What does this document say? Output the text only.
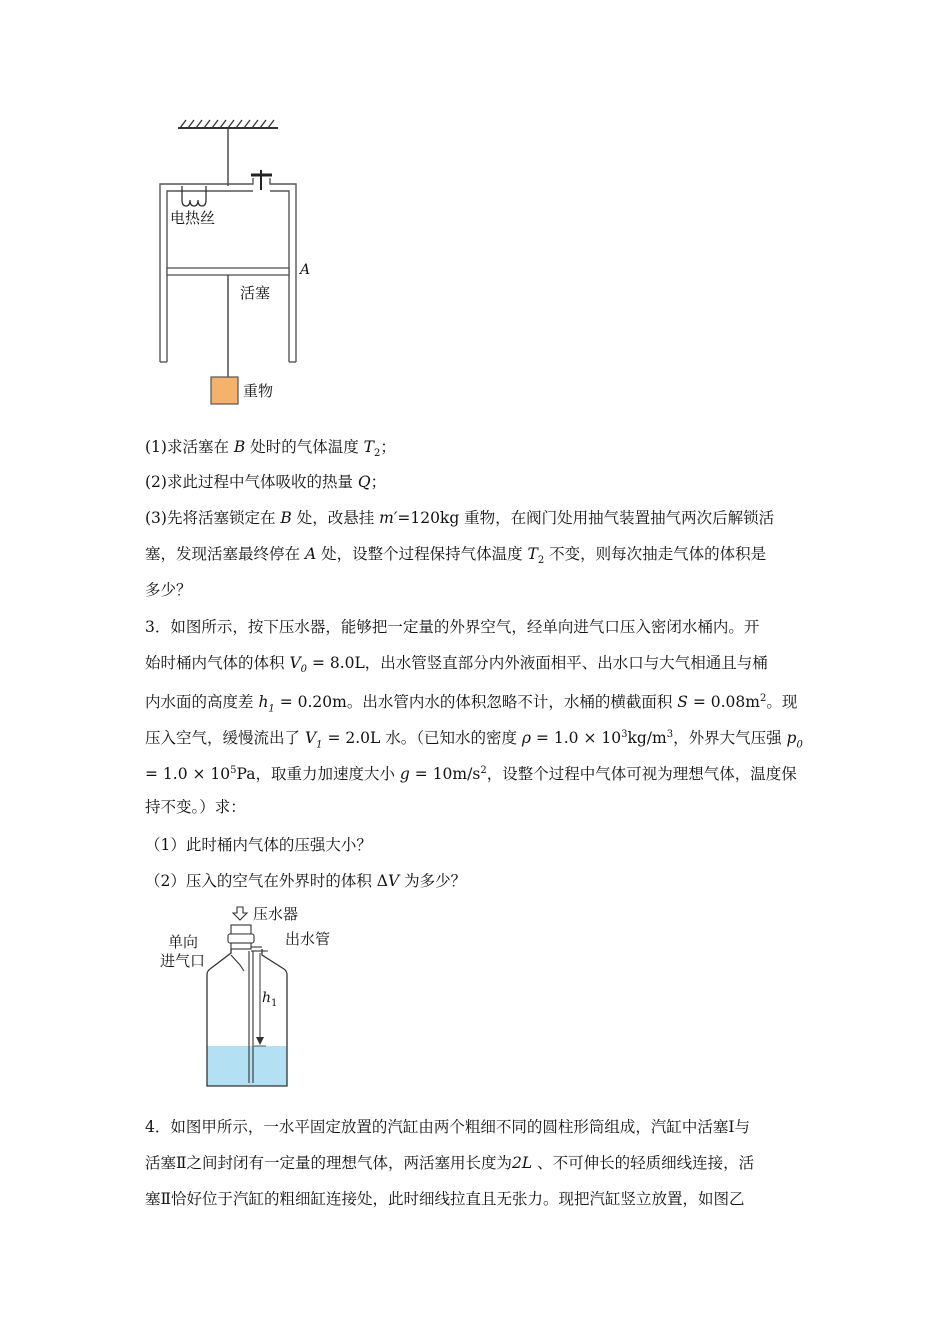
电热丝
A
活塞
重物
(1)求活塞在 B 处时的气体温度 $T_2$；
(2)求此过程中气体吸收的热量 Q；
(3)先将活塞锁定在 B 处，改悬挂 m′=120kg 重物，在阀门处用抽气装置抽气两次后解锁活
塞，发现活塞最终停在 A 处，设整个过程保持气体温度 $T_2$ 不变，则每次抽走气体的体积是
多少？
3．如图所示，按下压水器，能够把一定量的外界空气，经单向进气口压入密闭水桶内。开
始时桶内气体的体积 $V_0 = 8.0L$，出水管竖直部分内外液面相平、出水口与大气相通且与桶
内水面的高度差 $h_1 = 0.20m$。出水管内水的体积忽略不计，水桶的横截面积 $S = 0.08m^2$。现
压入空气，缓慢流出了 $V_1 = 2.0L$ 水。（已知水的密度 $\rho = 1.0 \times 10^3kg/m^3$，外界大气压强 $p_0$
= $1.0 \times 10^5Pa$，取重力加速度大小 $g = 10m/s^2$，设整个过程中气体可视为理想气体，温度保
持不变。）求：
（1）此时桶内气体的压强大小？
（2）压入的空气在外界时的体积 ΔV 为多少？
压水器
单向
进气口
出水管
$h_1$
4．如图甲所示，一水平固定放置的汽缸由两个粗细不同的圆柱形筒组成，汽缸中活塞Ⅰ与
活塞Ⅱ之间封闭有一定量的理想气体，两活塞用长度为2L 、不可伸长的轻质细线连接，活
塞Ⅱ恰好位于汽缸的粗细缸连接处，此时细线拉直且无张力。现把汽缸竖立放置，如图乙
